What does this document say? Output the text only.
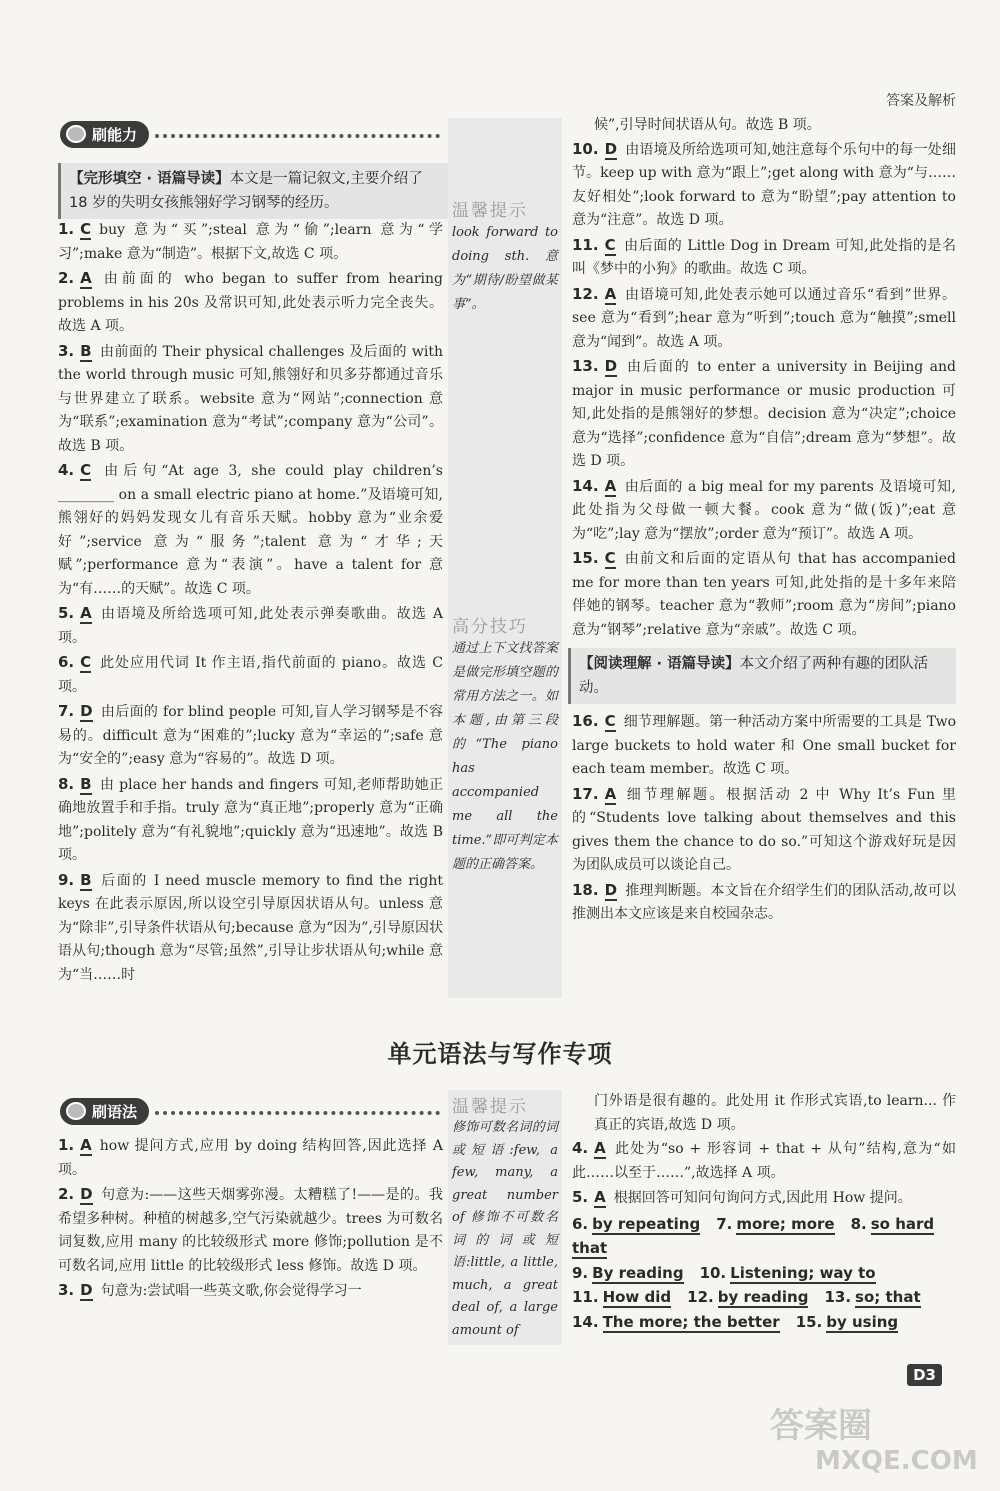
答案及解析
刷能力
【完形填空 · 语篇导读】本文是一篇记叙文,主要介绍了 18 岁的失明女孩熊翎好学习钢琴的经历。
1. C buy 意为“买”;steal 意为“偷”;learn 意为“学习”;make 意为“制造”。根据下文,故选 C 项。
2. A 由前面的 who began to suffer from hearing problems in his 20s 及常识可知,此处表示听力完全丧失。故选 A 项。
3. B 由前面的 Their physical challenges 及后面的 with the world through music 可知,熊翎好和贝多芬都通过音乐与世界建立了联系。website 意为“网站”;connection 意为“联系”;examination 意为“考试”;company 意为“公司”。故选 B 项。
4. C 由后句“At age 3, she could play children’s ________ on a small electric piano at home.”及语境可知,熊翎好的妈妈发现女儿有音乐天赋。hobby 意为“业余爱好”;service 意为“服务”;talent 意为“才华;天赋”;performance 意为“表演”。have a talent for 意为“有……的天赋”。故选 C 项。
5. A 由语境及所给选项可知,此处表示弹奏歌曲。故选 A 项。
6. C 此处应用代词 It 作主语,指代前面的 piano。故选 C 项。
7. D 由后面的 for blind people 可知,盲人学习钢琴是不容易的。difficult 意为“困难的”;lucky 意为“幸运的”;safe 意为“安全的”;easy 意为“容易的”。故选 D 项。
8. B 由 place her hands and fingers 可知,老师帮助她正确地放置手和手指。truly 意为“真正地”;properly 意为“正确地”;politely 意为“有礼貌地”;quickly 意为“迅速地”。故选 B 项。
9. B 后面的 I need muscle memory to find the right keys 在此表示原因,所以设空引导原因状语从句。unless 意为“除非”,引导条件状语从句;because 意为“因为”,引导原因状语从句;though 意为“尽管;虽然”,引导让步状语从句;while 意为“当……时
温馨提示
look forward to doing sth. 意为“期待/盼望做某事”。
高分技巧
通过上下文找答案是做完形填空题的常用方法之一。如本题,由第三段的“The piano has accompanied me all the time.”即可判定本题的正确答案。
候”,引导时间状语从句。故选 B 项。
10. D 由语境及所给选项可知,她注意每个乐句中的每一处细节。keep up with 意为“跟上”;get along with 意为“与……友好相处”;look forward to 意为“盼望”;pay attention to 意为“注意”。故选 D 项。
11. C 由后面的 Little Dog in Dream 可知,此处指的是名叫《梦中的小狗》的歌曲。故选 C 项。
12. A 由语境可知,此处表示她可以通过音乐“看到”世界。see 意为“看到”;hear 意为“听到”;touch 意为“触摸”;smell 意为“闻到”。故选 A 项。
13. D 由后面的 to enter a university in Beijing and major in music performance or music production 可知,此处指的是熊翎好的梦想。decision 意为“决定”;choice 意为“选择”;confidence 意为“自信”;dream 意为“梦想”。故选 D 项。
14. A 由后面的 a big meal for my parents 及语境可知,此处指为父母做一顿大餐。cook 意为“做(饭)”;eat 意为“吃”;lay 意为“摆放”;order 意为“预订”。故选 A 项。
15. C 由前文和后面的定语从句 that has accompanied me for more than ten years 可知,此处指的是十多年来陪伴她的钢琴。teacher 意为“教师”;room 意为“房间”;piano 意为“钢琴”;relative 意为“亲戚”。故选 C 项。
【阅读理解 · 语篇导读】本文介绍了两种有趣的团队活动。
16. C 细节理解题。第一种活动方案中所需要的工具是 Two large buckets to hold water 和 One small bucket for each team member。故选 C 项。
17. A 细节理解题。根据活动 2 中 Why It’s Fun 里的“Students love talking about themselves and this gives them the chance to do so.”可知这个游戏好玩是因为团队成员可以谈论自己。
18. D 推理判断题。本文旨在介绍学生们的团队活动,故可以推测出本文应该是来自校园杂志。
单元语法与写作专项
刷语法
1. A how 提问方式,应用 by doing 结构回答,因此选择 A 项。
2. D 句意为:——这些天烟雾弥漫。太糟糕了!——是的。我希望多种树。种植的树越多,空气污染就越少。trees 为可数名词复数,应用 many 的比较级形式 more 修饰;pollution 是不可数名词,应用 little 的比较级形式 less 修饰。故选 D 项。
3. D 句意为:尝试唱一些英文歌,你会觉得学习一
温馨提示
修饰可数名词的词或短语:few, a few, many, a great number of 修饰不可数名词的词或短语:little, a little, much, a great deal of, a large amount of
门外语是很有趣的。此处用 it 作形式宾语,to learn... 作真正的宾语,故选 D 项。
4. A 此处为“so + 形容词 + that + 从句”结构,意为“如此……以至于……”,故选择 A 项。
5. A 根据回答可知问句询问方式,因此用 How 提问。
6. by repeating 7. more; more 8. so hard that
9. By reading 10. Listening; way to
11. How did 12. by reading 13. so; that
14. The more; the better 15. by using
D3
答案圈
MXQE.COM
